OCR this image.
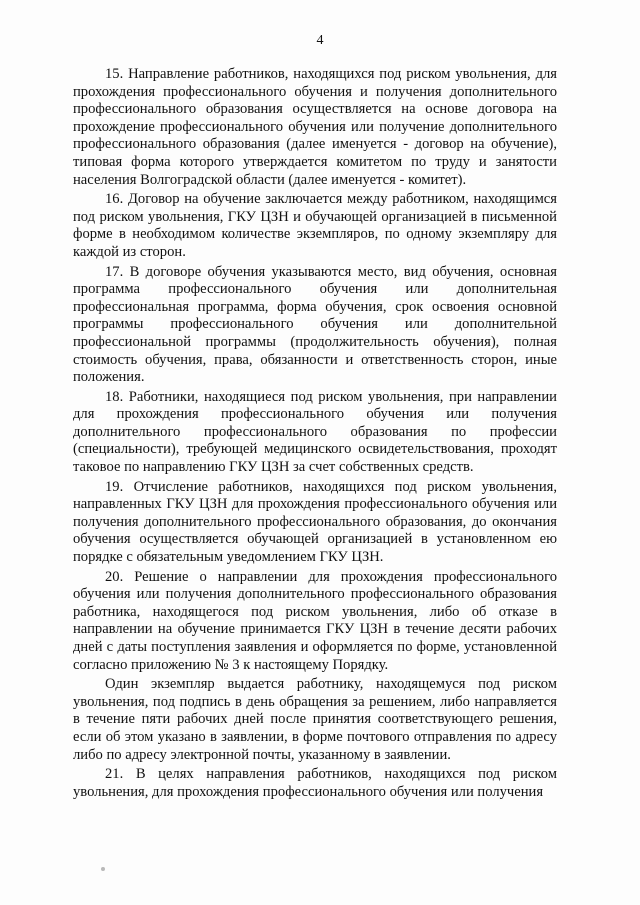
4

15. Направление работников, находящихся под риском увольнения, для прохождения профессионального обучения и получения дополнительного профессионального образования осуществляется на основе договора на прохождение профессионального обучения или получение дополнительного профессионального образования (далее именуется - договор на обучение), типовая форма которого утверждается комитетом по труду и занятости населения Волгоградской области (далее именуется - комитет).

16. Договор на обучение заключается между работником, находящимся под риском увольнения, ГКУ ЦЗН и обучающей организацией в письменной форме в необходимом количестве экземпляров, по одному экземпляру для каждой из сторон.

17. В договоре обучения указываются место, вид обучения, основная программа профессионального обучения или дополнительная профессиональная программа, форма обучения, срок освоения основной программы профессионального обучения или дополнительной профессиональной программы (продолжительность обучения), полная стоимость обучения, права, обязанности и ответственность сторон, иные положения.

18. Работники, находящиеся под риском увольнения, при направлении для прохождения профессионального обучения или получения дополнительного профессионального образования по профессии (специальности), требующей медицинского освидетельствования, проходят таковое по направлению ГКУ ЦЗН за счет собственных средств.

19. Отчисление работников, находящихся под риском увольнения, направленных ГКУ ЦЗН для прохождения профессионального обучения или получения дополнительного профессионального образования, до окончания обучения осуществляется обучающей организацией в установленном ею порядке с обязательным уведомлением ГКУ ЦЗН.

20. Решение о направлении для прохождения профессионального обучения или получения дополнительного профессионального образования работника, находящегося под риском увольнения, либо об отказе в направлении на обучение принимается ГКУ ЦЗН в течение десяти рабочих дней с даты поступления заявления и оформляется по форме, установленной согласно приложению № 3 к настоящему Порядку.

Один экземпляр выдается работнику, находящемуся под риском увольнения, под подпись в день обращения за решением, либо направляется в течение пяти рабочих дней после принятия соответствующего решения, если об этом указано в заявлении, в форме почтового отправления по адресу либо по адресу электронной почты, указанному в заявлении.

21. В целях направления работников, находящихся под риском увольнения, для прохождения профессионального обучения или получения
